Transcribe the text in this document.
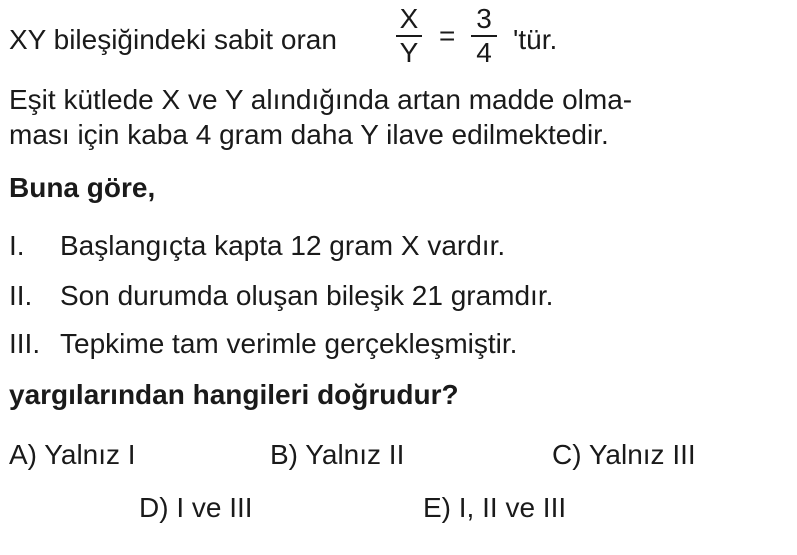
XY bileşiğindeki sabit oran
X
Y
=
3
4 'tür.
Eşit kütlede X ve Y alındığında artan madde olma-
ması için kaba 4 gram daha Y ilave edilmektedir.
Buna göre,
I. Başlangıçta kapta 12 gram X vardır.
II. Son durumda oluşan bileşik 21 gramdır.
III. Tepkime tam verimle gerçekleşmiştir.
yargılarından hangileri doğrudur?
A) Yalnız I	B) Yalnız II	C) Yalnız III
D) I ve III	E) I, II ve III
